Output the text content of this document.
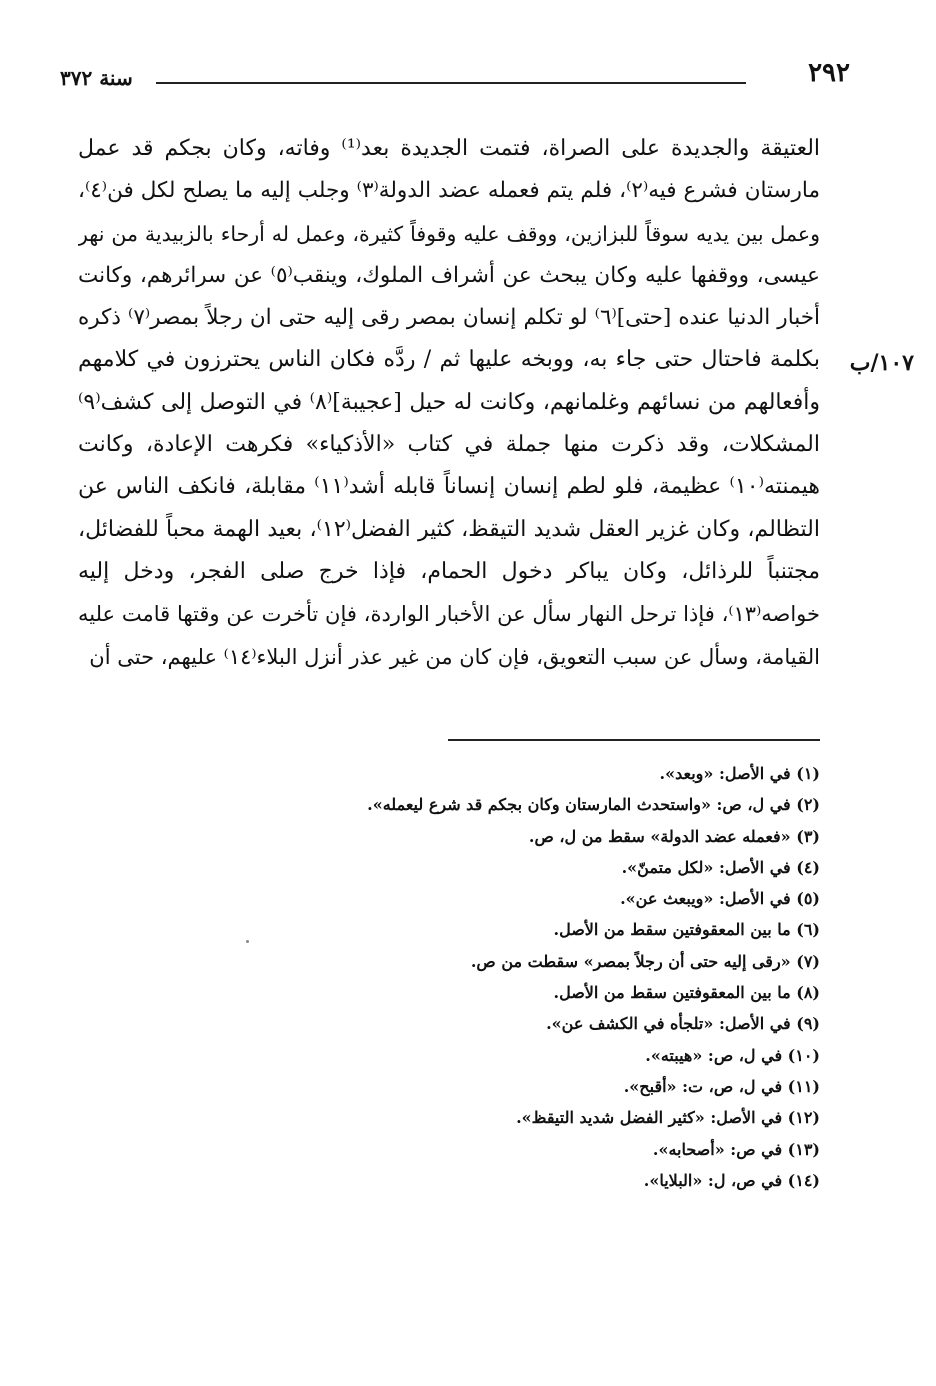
سنة ٣٧٢	٢٩٢
١٠٧/ب
العتيقة والجديدة على الصراة، فتمت الجديدة بعد⁽¹⁾ وفاته، وكان بجكم قد عمل
مارستان فشرع فيه⁽٢⁾، فلم يتم فعمله عضد الدولة⁽٣⁾ وجلب إليه ما يصلح لكل فن⁽٤⁾،
وعمل بين يديه سوقاً للبزازين، ووقف عليه وقوفاً كثيرة، وعمل له أرحاء بالزبيدية من نهر
عيسى، ووقفها عليه وكان يبحث عن أشراف الملوك، وينقب⁽٥⁾ عن سرائرهم، وكانت
أخبار الدنيا عنده [حتى]⁽٦⁾ لو تكلم إنسان بمصر رقى إليه حتى ان رجلاً بمصر⁽٧⁾ ذكره
بكلمة فاحتال حتى جاء به، ووبخه عليها ثم / ردَّه فكان الناس يحترزون في كلامهم
وأفعالهم من نسائهم وغلمانهم، وكانت له حيل [عجيبة]⁽٨⁾ في التوصل إلى كشف⁽٩⁾
المشكلات، وقد ذكرت منها جملة في كتاب «الأذكياء» فكرهت الإعادة، وكانت
هيمنته⁽١٠⁾ عظيمة، فلو لطم إنسان إنساناً قابله أشد⁽١١⁾ مقابلة، فانكف الناس عن
التظالم، وكان غزير العقل شديد التيقظ، كثير الفضل⁽١٢⁾، بعيد الهمة محباً للفضائل،
مجتنباً للرذائل، وكان يباكر دخول الحمام، فإذا خرج صلى الفجر، ودخل إليه
خواصه⁽١٣⁾، فإذا ترحل النهار سأل عن الأخبار الواردة، فإن تأخرت عن وقتها قامت عليه
القيامة، وسأل عن سبب التعويق، فإن كان من غير عذر أنزل البلاء⁽١٤⁾ عليهم، حتى أن
(١) في الأصل: «وبعد».
(٢) في ل، ص: «واستحدث المارستان وكان بجكم قد شرع ليعمله».
(٣) «فعمله عضد الدولة» سقط من ل، ص.
(٤) في الأصل: «لكل متمنّ».
(٥) في الأصل: «ويبعث عن».
(٦) ما بين المعقوفتين سقط من الأصل.
(٧) «رقى إليه حتى أن رجلاً بمصر» سقطت من ص.
(٨) ما بين المعقوفتين سقط من الأصل.
(٩) في الأصل: «تلجأه في الكشف عن».
(١٠) في ل، ص: «هيبته».
(١١) في ل، ص، ت: «أقبح».
(١٢) في الأصل: «كثير الفضل شديد التيقظ».
(١٣) في ص: «أصحابه».
(١٤) في ص، ل: «البلايا».
